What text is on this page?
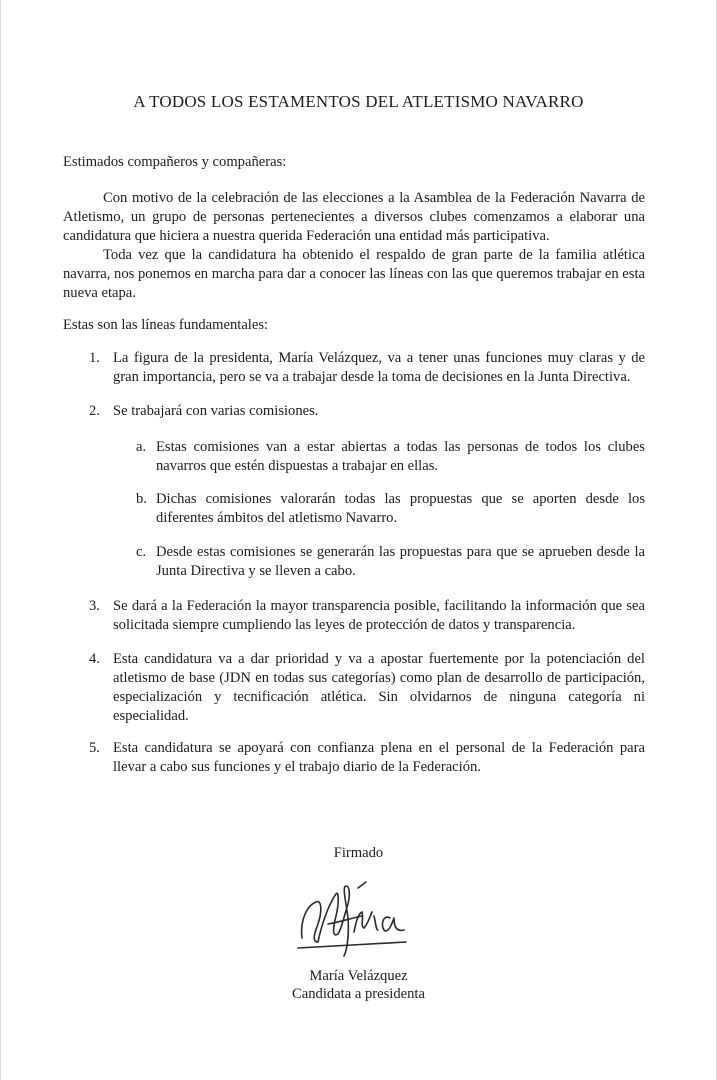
A TODOS LOS ESTAMENTOS DEL ATLETISMO NAVARRO

Estimados compañeros y compañeras:

Con motivo de la celebración de las elecciones a la Asamblea de la Federación Navarra de Atletismo, un grupo de personas pertenecientes a diversos clubes comenzamos a elaborar una candidatura que hiciera a nuestra querida Federación una entidad más participativa.

Toda vez que la candidatura ha obtenido el respaldo de gran parte de la familia atlética navarra, nos ponemos en marcha para dar a conocer las líneas con las que queremos trabajar en esta nueva etapa.

Estas son las líneas fundamentales:

1. La figura de la presidenta, María Velázquez, va a tener unas funciones muy claras y de gran importancia, pero se va a trabajar desde la toma de decisiones en la Junta Directiva.
2. Se trabajará con varias comisiones.
a. Estas comisiones van a estar abiertas a todas las personas de todos los clubes navarros que estén dispuestas a trabajar en ellas.
b. Dichas comisiones valorarán todas las propuestas que se aporten desde los diferentes ámbitos del atletismo Navarro.
c. Desde estas comisiones se generarán las propuestas para que se aprueben desde la Junta Directiva y se lleven a cabo.
3. Se dará a la Federación la mayor transparencia posible, facilitando la información que sea solicitada siempre cumpliendo las leyes de protección de datos y transparencia.
4. Esta candidatura va a dar prioridad y va a apostar fuertemente por la potenciación del atletismo de base (JDN en todas sus categorías) como plan de desarrollo de participación, especialización y tecnificación atlética. Sin olvidarnos de ninguna categoría ni especialidad.
5. Esta candidatura se apoyará con confianza plena en el personal de la Federación para llevar a cabo sus funciones y el trabajo diario de la Federación.

Firmado

María Velázquez

Candidata a presidenta
